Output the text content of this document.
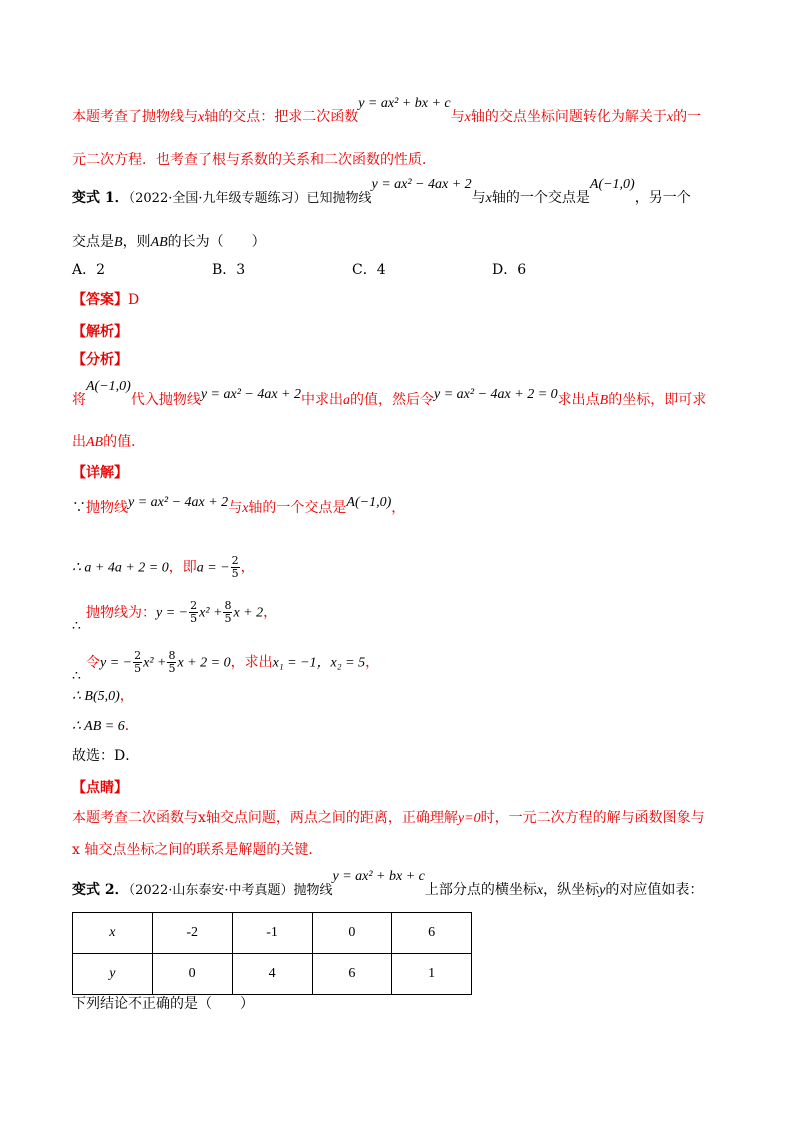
本题考查了抛物线与x轴的交点：把求二次函数y = ax² + bx + c与x轴的交点坐标问题转化为解关于x的一
元二次方程．也考查了根与系数的关系和二次函数的性质．
变式 1．（2022·全国·九年级专题练习）已知抛物线y = ax² − 4ax + 2与x轴的一个交点是A(−1,0)，另一个
交点是B，则AB的长为（　　）
A．2	B．3	C．4	D．6
【答案】D
【解析】
【分析】
将A(−1,0)代入抛物线y = ax² − 4ax + 2中求出a的值，然后令y = ax² − 4ax + 2 = 0求出点B的坐标，即可求
出AB的值．
【详解】
∵抛物线y = ax² − 4ax + 2与x轴的一个交点是A(−1,0)，
∴ a + 4a + 2 = 0，即a = − $\frac{2}{5}$ ，
抛物线为：y = − $\frac{2}{5} x^2 + \frac{8}{5}$ x + 2，
∴
令y = − $\frac{2}{5} x^2 + \frac{8}{5}$ x + 2 = 0，求出x₁ = −1，x₂ = 5，
∴
∴ B(5,0)，
∴ AB = 6．
故选：D．
【点睛】
本题考查二次函数与x轴交点问题，两点之间的距离，正确理解y=0时，一元二次方程的解与函数图象与
x 轴交点坐标之间的联系是解题的关键．
变式 2．（2022·山东泰安·中考真题）抛物线y = ax² + bx + c上部分点的横坐标x，纵坐标y的对应值如表：
x	-2	-1	0	6
y	0	4	6	1
下列结论不正确的是（　　）
